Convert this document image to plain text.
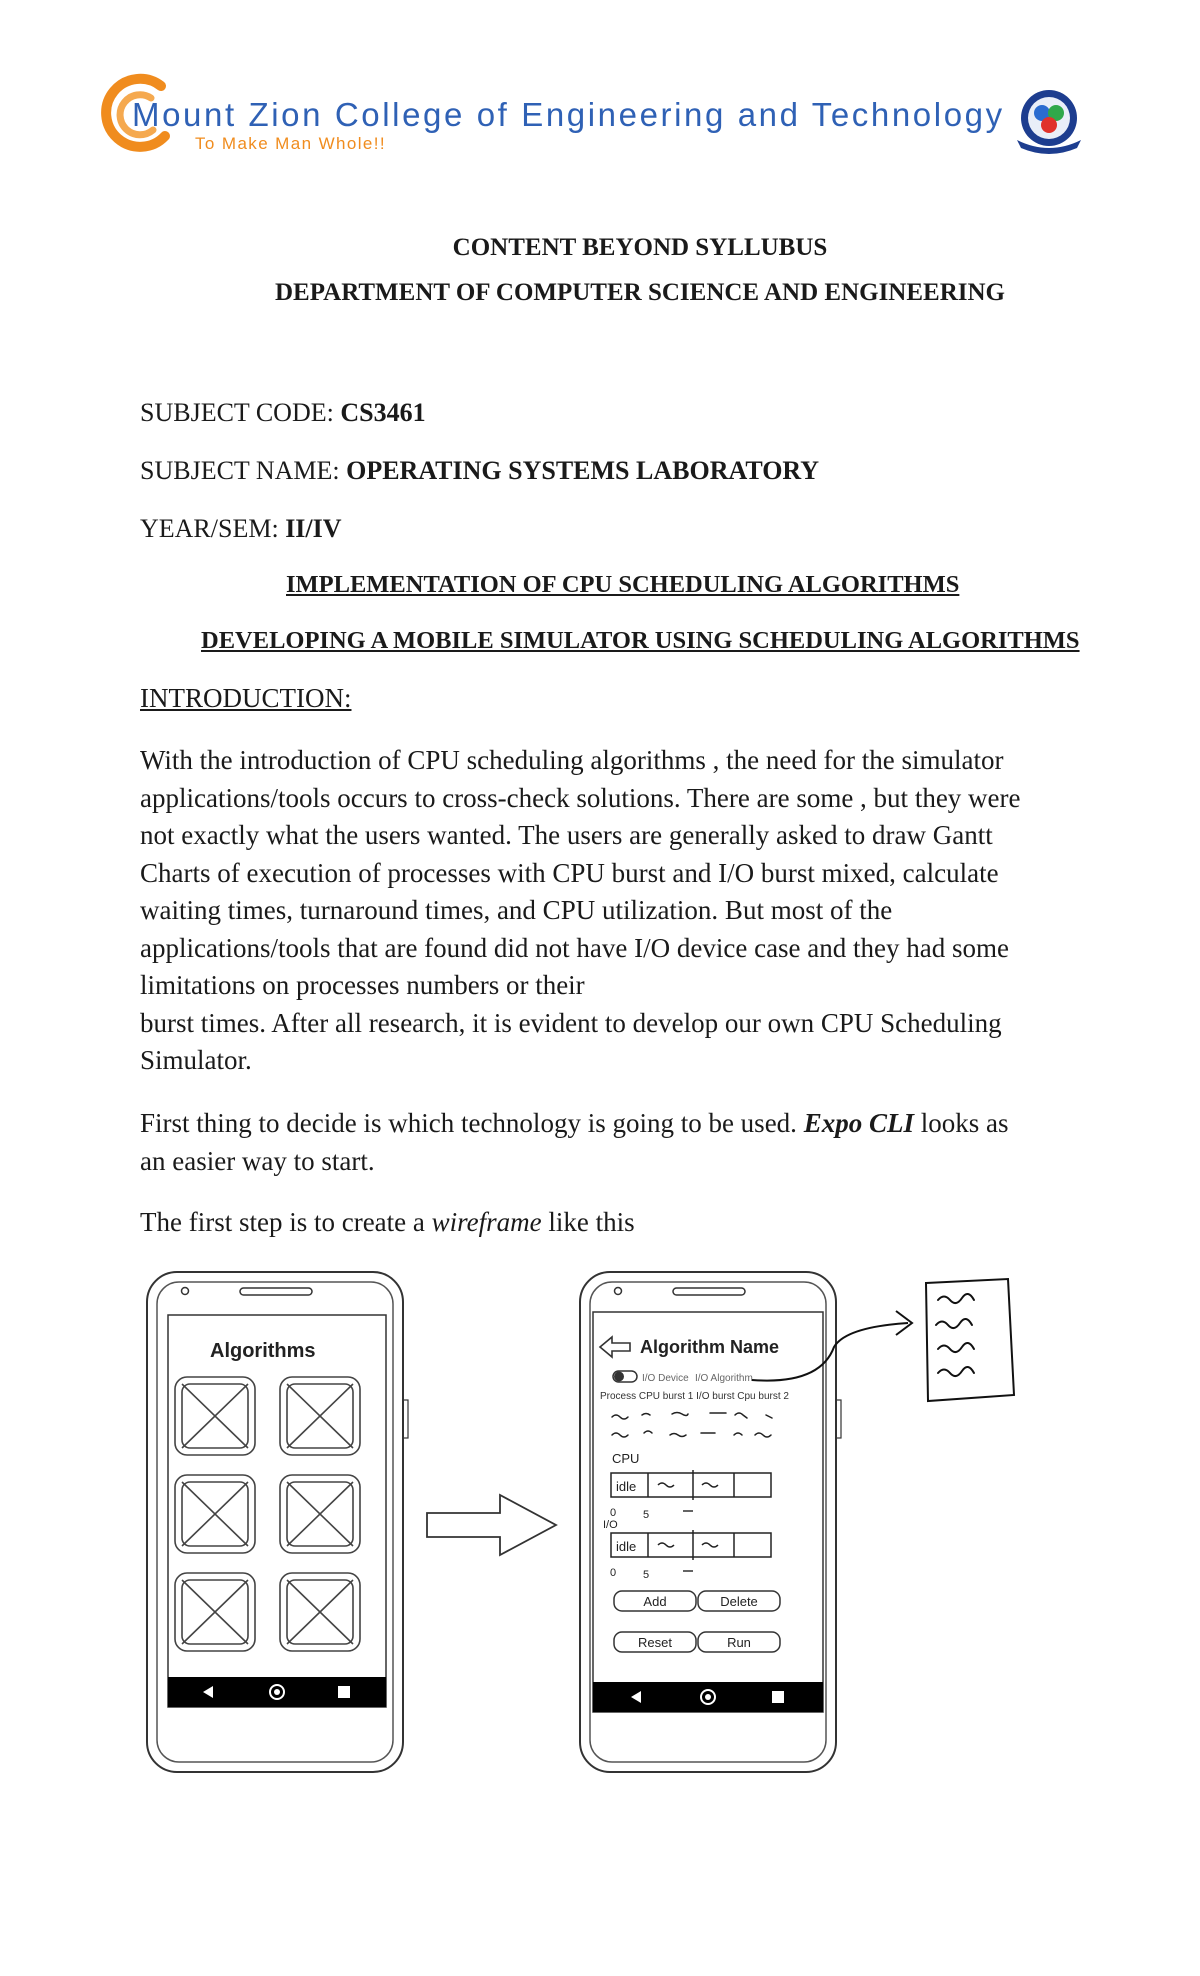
Mount Zion College of Engineering and Technology
To Make Man Whole!!
CONTENT BEYOND SYLLUBUS
DEPARTMENT OF COMPUTER SCIENCE AND ENGINEERING
SUBJECT CODE: CS3461
SUBJECT NAME: OPERATING SYSTEMS LABORATORY
YEAR/SEM: II/IV
IMPLEMENTATION OF CPU SCHEDULING ALGORITHMS
DEVELOPING A MOBILE SIMULATOR USING SCHEDULING ALGORITHMS
INTRODUCTION:
With the introduction of CPU scheduling algorithms , the need for the simulator
applications/tools occurs to cross-check solutions. There are some , but they were
not exactly what the users wanted. The users are generally asked to draw Gantt
Charts of execution of processes with CPU burst and I/O burst mixed, calculate
waiting times, turnaround times, and CPU utilization. But most of the
applications/tools that are found did not have I/O device case and they had some
limitations on processes numbers or their
burst times. After all research, it is evident to develop our own CPU Scheduling
Simulator.
First thing to decide is which technology is going to be used. Expo CLI looks as
an easier way to start.
The first step is to create a wireframe like this
Algorithms	Algorithm Name
I/O Device I/O Algorithm
Process CPU burst 1 I/O burst Cpu burst 2
CPU
idle
0 5
I/O
idle
0 5
Add	Delete
Reset	Run
